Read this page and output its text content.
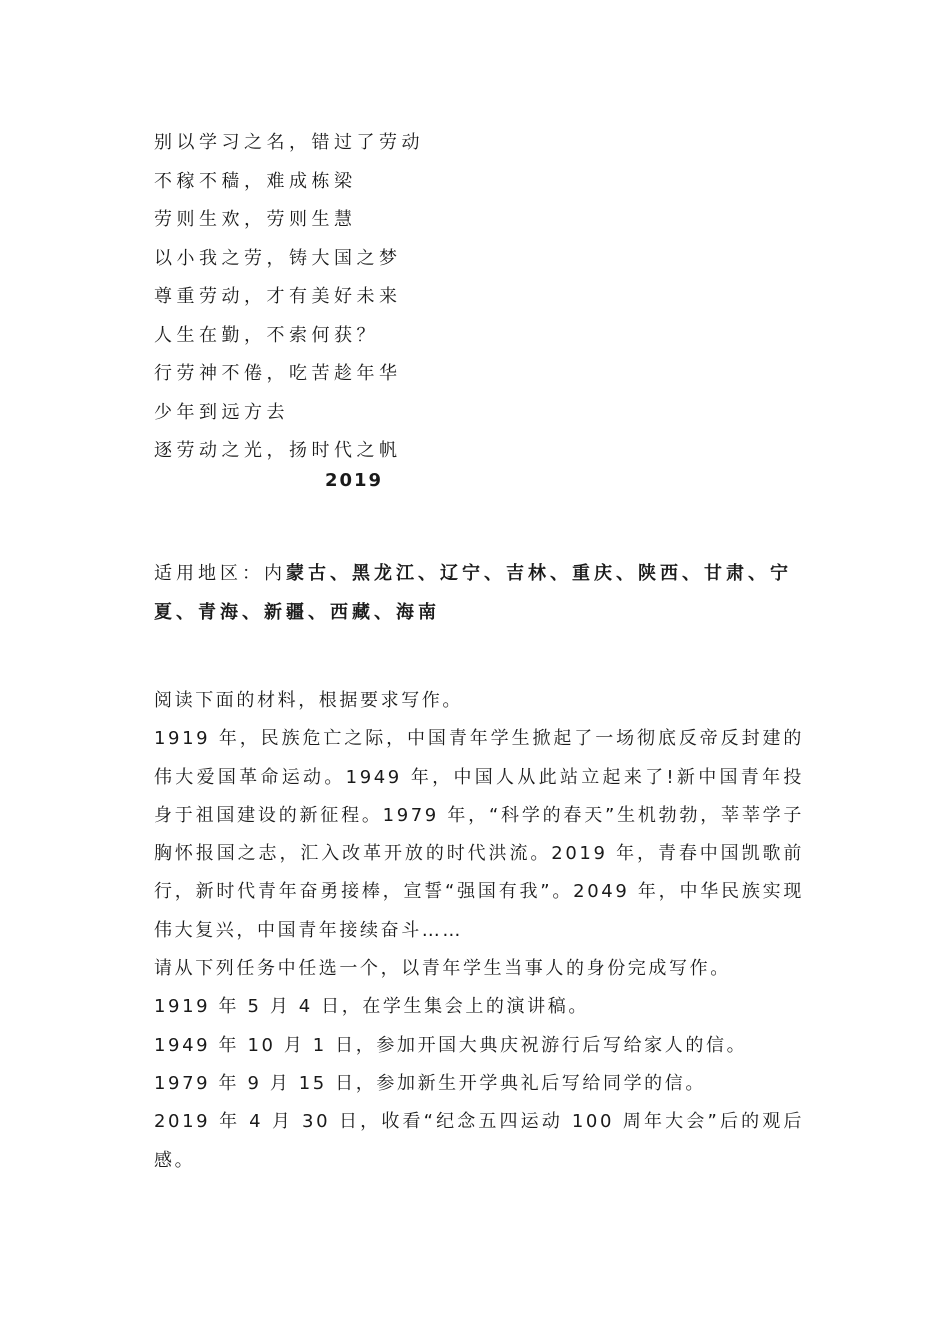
别以学习之名，错过了劳动
不稼不穑，难成栋梁
劳则生欢，劳则生慧
以小我之劳，铸大国之梦
尊重劳动，才有美好未来
人生在勤，不索何获？
行劳神不倦，吃苦趁年华
少年到远方去
逐劳动之光，扬时代之帆
2019
适用地区：内蒙古、黑龙江、辽宁、吉林、重庆、陕西、甘肃、宁夏、青海、新疆、西藏、海南

阅读下面的材料，根据要求写作。

1919 年，民族危亡之际，中国青年学生掀起了一场彻底反帝反封建的伟大爱国革命运动。1949 年，中国人从此站立起来了!新中国青年投身于祖国建设的新征程。1979 年，“科学的春天”生机勃勃，莘莘学子胸怀报国之志，汇入改革开放的时代洪流。2019 年，青春中国凯歌前行，新时代青年奋勇接棒，宣誓“强国有我”。2049 年，中华民族实现伟大复兴，中国青年接续奋斗……

请从下列任务中任选一个，以青年学生当事人的身份完成写作。

1919 年 5 月 4 日，在学生集会上的演讲稿。

1949 年 10 月 1 日，参加开国大典庆祝游行后写给家人的信。

1979 年 9 月 15 日，参加新生开学典礼后写给同学的信。

2019 年 4 月 30 日，收看“纪念五四运动 100 周年大会”后的观后感。
